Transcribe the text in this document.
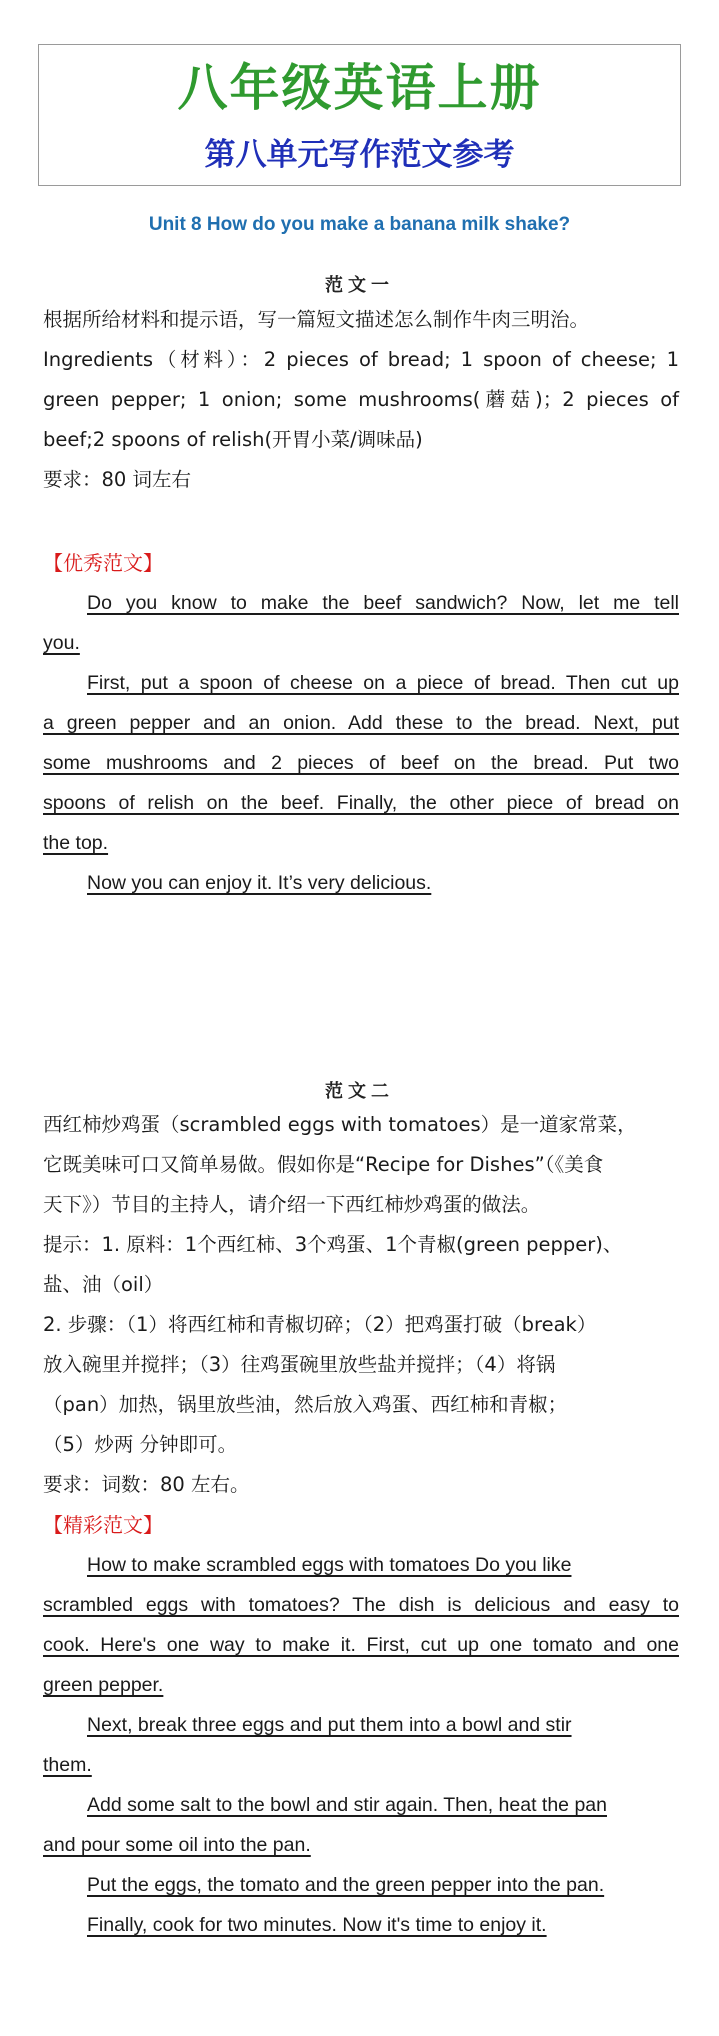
八年级英语上册
第八单元写作范文参考
Unit 8 How do you make a banana milk shake?
范文一
根据所给材料和提示语，写一篇短文描述怎么制作牛肉三明治。
Ingredients（材料）：2 pieces of bread; 1 spoon of cheese; 1
green pepper; 1 onion; some mushrooms(蘑菇)；2 pieces of
beef;2 spoons of relish(开胃小菜/调味品)
要求：80 词左右
【优秀范文】
Do you know to make the beef sandwich? Now, let me tell
you.
First, put a spoon of cheese on a piece of bread. Then cut up
a green pepper and an onion. Add these to the bread. Next, put
some mushrooms and 2 pieces of beef on the bread. Put two
spoons of relish on the beef. Finally, the other piece of bread on
the top.
Now you can enjoy it. It’s very delicious.
范文二
西红柿炒鸡蛋（scrambled eggs with tomatoes）是一道家常菜，
它既美味可口又简单易做。假如你是“Recipe for Dishes”（《美食
天下》）节目的主持人，请介绍一下西红柿炒鸡蛋的做法。
提示：1. 原料：1个西红柿、3个鸡蛋、1个青椒(green pepper)、
盐、油（oil）
2. 步骤：（1）将西红柿和青椒切碎；（2）把鸡蛋打破（break）
放入碗里并搅拌；（3）往鸡蛋碗里放些盐并搅拌；（4）将锅
（pan）加热，锅里放些油，然后放入鸡蛋、西红柿和青椒；
（5）炒两 分钟即可。
要求：词数：80 左右。
【精彩范文】
How to make scrambled eggs with tomatoes Do you like
scrambled eggs with tomatoes? The dish is delicious and easy to
cook. Here's one way to make it. First, cut up one tomato and one
green pepper.
Next, break three eggs and put them into a bowl and stir
them.
Add some salt to the bowl and stir again. Then, heat the pan
and pour some oil into the pan.
Put the eggs, the tomato and the green pepper into the pan.
Finally, cook for two minutes. Now it's time to enjoy it.
